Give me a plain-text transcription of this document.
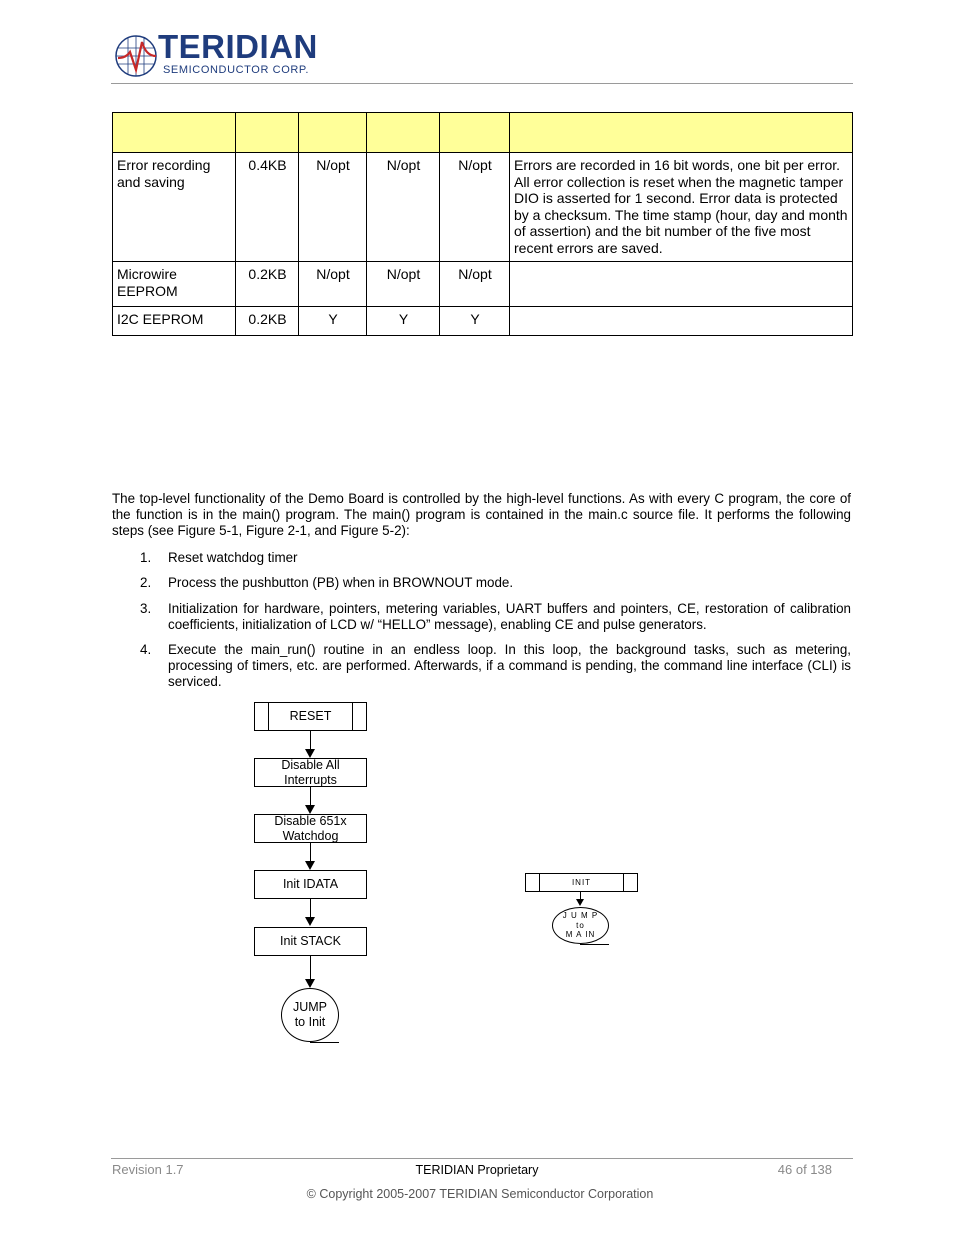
TERIDIAN
SEMICONDUCTOR CORP.

Error recording and saving	0.4KB	N/opt	N/opt	N/opt	Errors are recorded in 16 bit words, one bit per error. All error collection is reset when the magnetic tamper DIO is asserted for 1 second. Error data is protected by a checksum. The time stamp (hour, day and month of assertion) and the bit number of the five most recent errors are saved.
Microwire EEPROM	0.2KB	N/opt	N/opt	N/opt	
I2C EEPROM	0.2KB	Y	Y	Y	
The top-level functionality of the Demo Board is controlled by the high-level functions. As with every C program, the core of the function is in the main() program. The main() program is contained in the main.c source file. It performs the following steps (see Figure 5-1, Figure 2-1, and Figure 5-2):
1. Reset watchdog timer
2. Process the pushbutton (PB) when in BROWNOUT mode.
3. Initialization for hardware, pointers, metering variables, UART buffers and pointers, CE, restoration of calibration coefficients, initialization of LCD w/ “HELLO” message), enabling CE and pulse generators.
4. Execute the main_run() routine in an endless loop. In this loop, the background tasks, such as metering, processing of timers, etc. are performed. Afterwards, if a command is pending, the command line interface (CLI) is serviced.
RESET
Disable All
Interrupts
Disable 651x
Watchdog
Init IDATA
Init STACK
JUMP
to Init
INIT
J U M P
to
M A IN
Revision 1.7	TERIDIAN Proprietary	46 of 138
© Copyright 2005-2007 TERIDIAN Semiconductor Corporation
